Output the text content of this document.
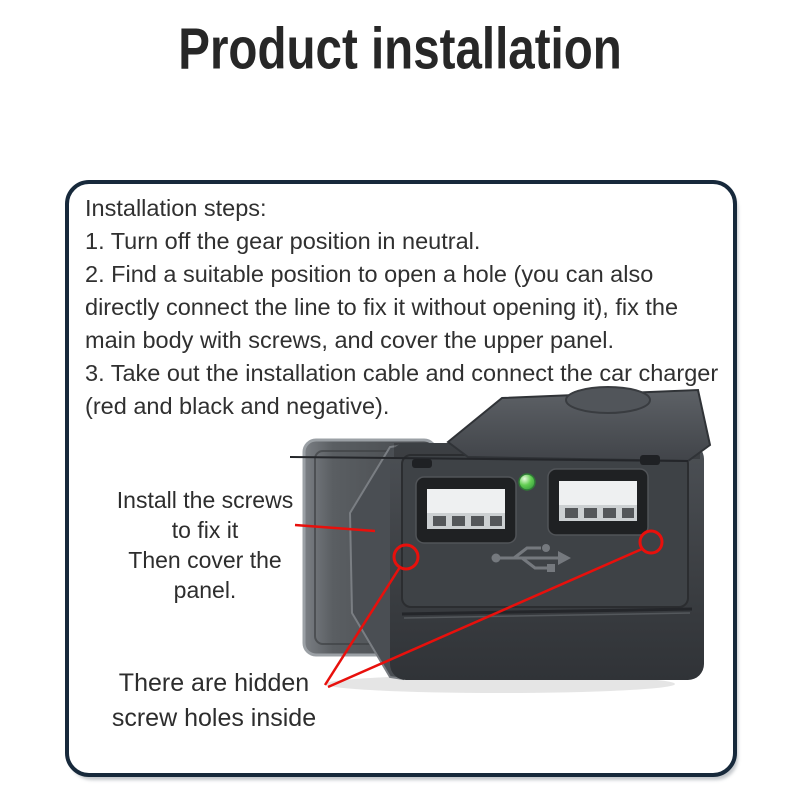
Product installation
Installation steps:
1. Turn off the gear position in neutral.
2. Find a suitable position to open a hole (you can also directly connect the line to fix it without opening it), fix the main body with screws, and cover the upper panel.
3. Take out the installation cable and connect the car charger (red and black and negative).
Install the screws
to fix it
Then cover the
panel.
There are hidden
screw holes inside
